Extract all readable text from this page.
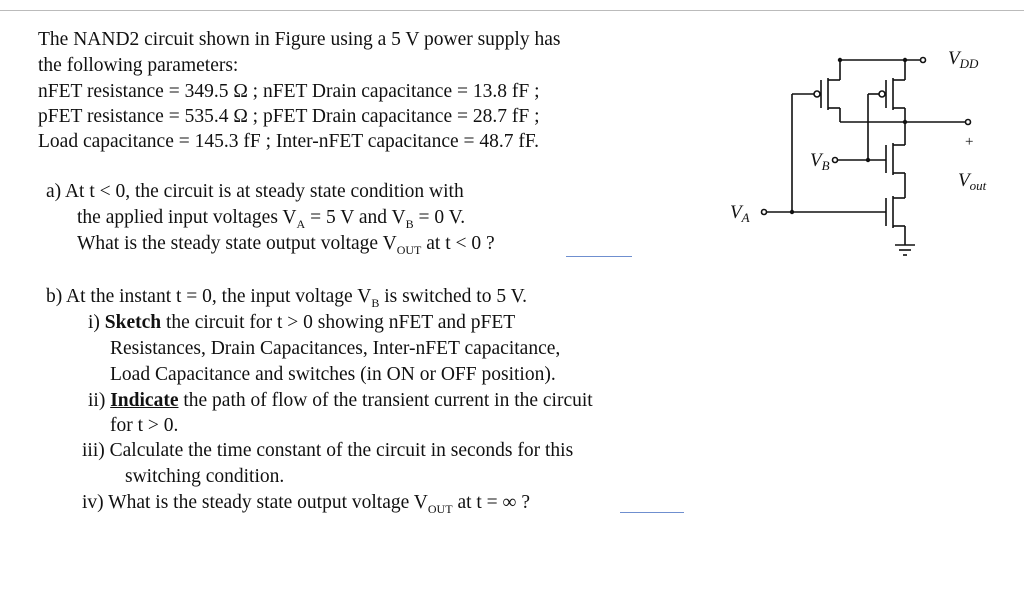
The NAND2 circuit shown in Figure using a 5 V power supply has
the following parameters:
nFET resistance = 349.5 Ω ; nFET Drain capacitance = 13.8 fF ;
pFET resistance = 535.4 Ω ; pFET Drain capacitance = 28.7 fF ;
Load capacitance = 145.3 fF ; Inter-nFET capacitance = 48.7 fF.
a) At t < 0, the circuit is at steady state condition with
the applied input voltages $V_A = 5$ V and $V_B = 0$ V.
What is the steady state output voltage $V_{OUT}$ at t < 0 ?
b) At the instant t = 0, the input voltage $V_B$ is switched to 5 V.
i) Sketch the circuit for t > 0 showing nFET and pFET
Resistances, Drain Capacitances, Inter-nFET capacitance,
Load Capacitance and switches (in ON or OFF position).
ii) Indicate the path of flow of the transient current in the circuit
for t > 0.
iii) Calculate the time constant of the circuit in seconds for this
switching condition.
iv) What is the steady state output voltage $V_{OUT}$ at t = ∞ ?
$V_{DD}$
+
$V_{out}$
$V_B$
$V_A$
